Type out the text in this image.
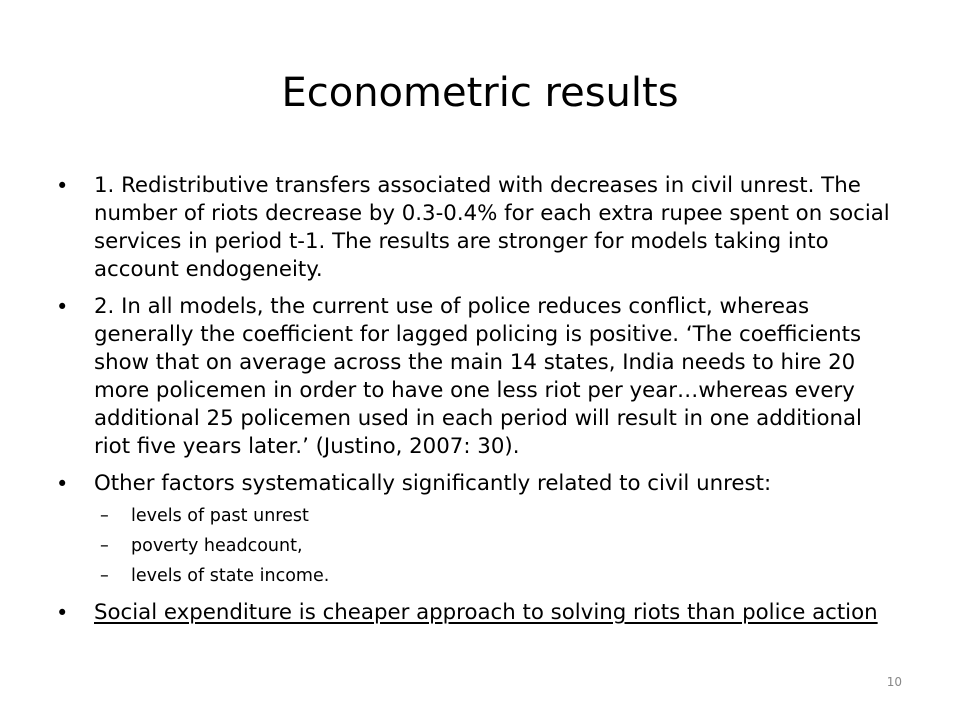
Econometric results
• 1. Redistributive transfers associated with decreases in civil unrest. The number of riots decrease by 0.3-0.4% for each extra rupee spent on social services in period t-1. The results are stronger for models taking into account endogeneity.
• 2. In all models, the current use of police reduces conflict, whereas generally the coefficient for lagged policing is positive. ‘The coefficients show that on average across the main 14 states, India needs to hire 20 more policemen in order to have one less riot per year…whereas every additional 25 policemen used in each period will result in one additional riot five years later.’ (Justino, 2007: 30).
• Other factors systematically significantly related to civil unrest:
– levels of past unrest
– poverty headcount,
– levels of state income.
• Social expenditure is cheaper approach to solving riots than police action
10
